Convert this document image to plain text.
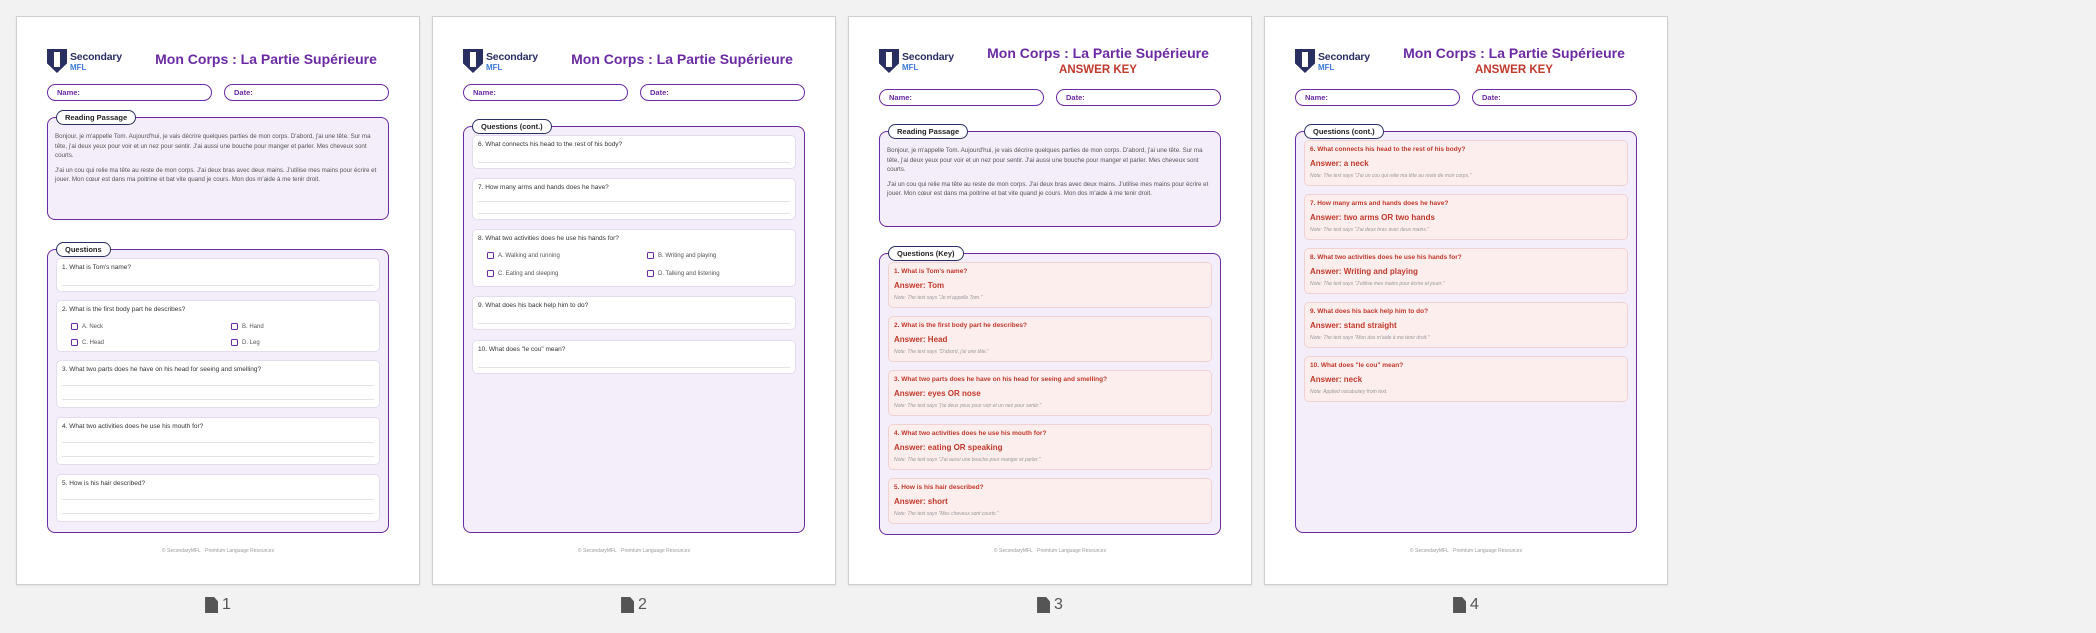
Secondary
MFL
Mon Corps : La Partie Supérieure
Name:	Date:
Reading Passage

Bonjour, je m'appelle Tom. Aujourd'hui, je vais décrire quelques parties de mon corps. D'abord, j'ai une tête. Sur ma tête, j'ai deux yeux pour voir et un nez pour sentir. J'ai aussi une bouche pour manger et parler. Mes cheveux sont courts.

J'ai un cou qui relie ma tête au reste de mon corps. J'ai deux bras avec deux mains. J'utilise mes mains pour écrire et jouer. Mon cœur est dans ma poitrine et bat vite quand je cours. Mon dos m'aide à me tenir droit.

Questions
1. What is Tom's name?
2. What is the first body part he describes?
A. Neck	B. Hand
C. Head	D. Leg
3. What two parts does he have on his head for seeing and smelling?
4. What two activities does he use his mouth for?
5. How is his hair described?
© SecondaryMFL · Premium Language Resources
1
Secondary
MFL
Mon Corps : La Partie Supérieure
Name:	Date:
Questions (cont.)
6. What connects his head to the rest of his body?
7. How many arms and hands does he have?
8. What two activities does he use his hands for?
A. Walking and running	B. Writing and playing
C. Eating and sleeping	D. Talking and listening
9. What does his back help him to do?
10. What does "le cou" mean?
© SecondaryMFL · Premium Language Resources
2
Secondary
MFL
Mon Corps : La Partie Supérieure
ANSWER KEY
Name:	Date:
Reading Passage

Bonjour, je m'appelle Tom. Aujourd'hui, je vais décrire quelques parties de mon corps. D'abord, j'ai une tête. Sur ma tête, j'ai deux yeux pour voir et un nez pour sentir. J'ai aussi une bouche pour manger et parler. Mes cheveux sont courts.

J'ai un cou qui relie ma tête au reste de mon corps. J'ai deux bras avec deux mains. J'utilise mes mains pour écrire et jouer. Mon cœur est dans ma poitrine et bat vite quand je cours. Mon dos m'aide à me tenir droit.

Questions (Key)
1. What is Tom's name?
Answer: Tom
Note: The text says "Je m'appelle Tom."
2. What is the first body part he describes?
Answer: Head
Note: The text says "D'abord, j'ai une tête."
3. What two parts does he have on his head for seeing and smelling?
Answer: eyes OR nose
Note: The text says "j'ai deux yeux pour voir et un nez pour sentir."
4. What two activities does he use his mouth for?
Answer: eating OR speaking
Note: The text says "J'ai aussi une bouche pour manger et parler."
5. How is his hair described?
Answer: short
Note: The text says "Mes cheveux sont courts."
© SecondaryMFL · Premium Language Resources
3
Secondary
MFL
Mon Corps : La Partie Supérieure
ANSWER KEY
Name:	Date:
Questions (cont.)
6. What connects his head to the rest of his body?
Answer: a neck
Note: The text says "J'ai un cou qui relie ma tête au reste de mon corps."
7. How many arms and hands does he have?
Answer: two arms OR two hands
Note: The text says "J'ai deux bras avec deux mains."
8. What two activities does he use his hands for?
Answer: Writing and playing
Note: The text says "J'utilise mes mains pour écrire et jouer."
9. What does his back help him to do?
Answer: stand straight
Note: The text says "Mon dos m'aide à me tenir droit."
10. What does "le cou" mean?
Answer: neck
Note: Applied vocabulary from text.
© SecondaryMFL · Premium Language Resources
4
